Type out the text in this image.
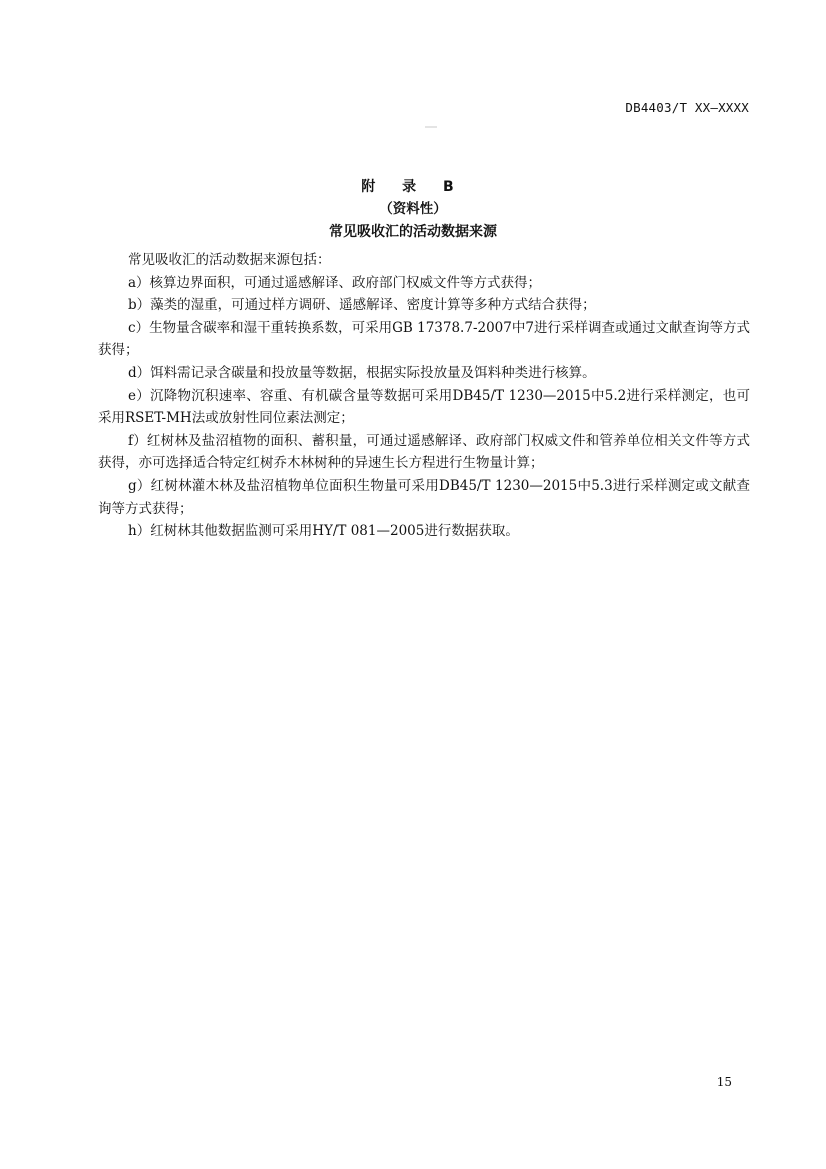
DB4403/T XX—XXXX
附 录 B
（资料性）
常见吸收汇的活动数据来源

常见吸收汇的活动数据来源包括：

a）核算边界面积，可通过遥感解译、政府部门权威文件等方式获得；

b）藻类的湿重，可通过样方调研、遥感解译、密度计算等多种方式结合获得；

c）生物量含碳率和湿干重转换系数，可采用GB 17378.7-2007中7进行采样调查或通过文献查询等方式获得；

d）饵料需记录含碳量和投放量等数据，根据实际投放量及饵料种类进行核算。

e）沉降物沉积速率、容重、有机碳含量等数据可采用DB45/T 1230—2015中5.2进行采样测定，也可采用RSET-MH法或放射性同位素法测定；

f）红树林及盐沼植物的面积、蓄积量，可通过遥感解译、政府部门权威文件和管养单位相关文件等方式获得，亦可选择适合特定红树乔木林树种的异速生长方程进行生物量计算；

g）红树林灌木林及盐沼植物单位面积生物量可采用DB45/T 1230—2015中5.3进行采样测定或文献查询等方式获得；

h）红树林其他数据监测可采用HY/T 081—2005进行数据获取。

15
